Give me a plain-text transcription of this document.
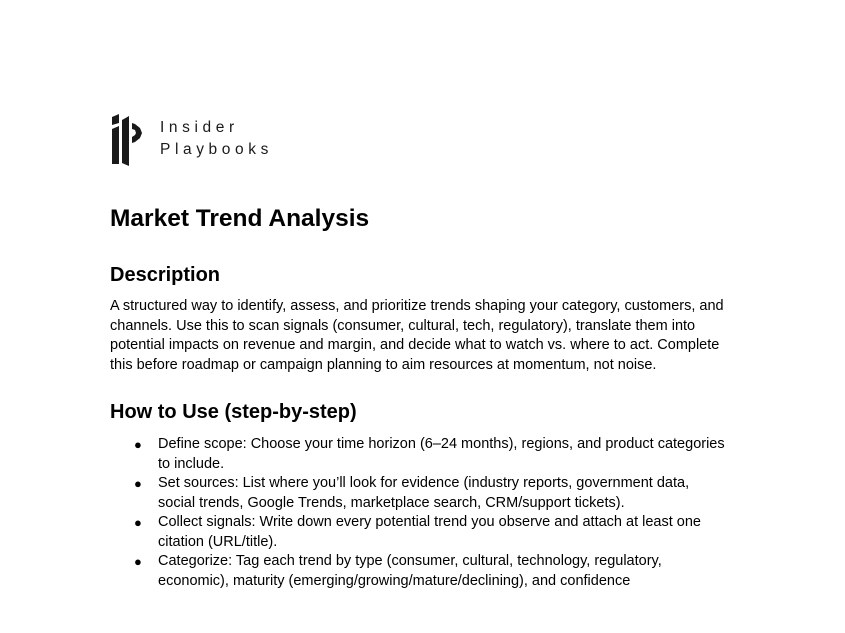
Insider
Playbooks
Market Trend Analysis
Description

A structured way to identify, assess, and prioritize trends shaping your category, customers, and
channels. Use this to scan signals (consumer, cultural, tech, regulatory), translate them into
potential impacts on revenue and margin, and decide what to watch vs. where to act. Complete
this before roadmap or campaign planning to aim resources at momentum, not noise.

How to Use (step-by-step)
● Define scope: Choose your time horizon (6–24 months), regions, and product categories
to include.
● Set sources: List where you’ll look for evidence (industry reports, government data,
social trends, Google Trends, marketplace search, CRM/support tickets).
● Collect signals: Write down every potential trend you observe and attach at least one
citation (URL/title).
● Categorize: Tag each trend by type (consumer, cultural, technology, regulatory,
economic), maturity (emerging/growing/mature/declining), and confidence
